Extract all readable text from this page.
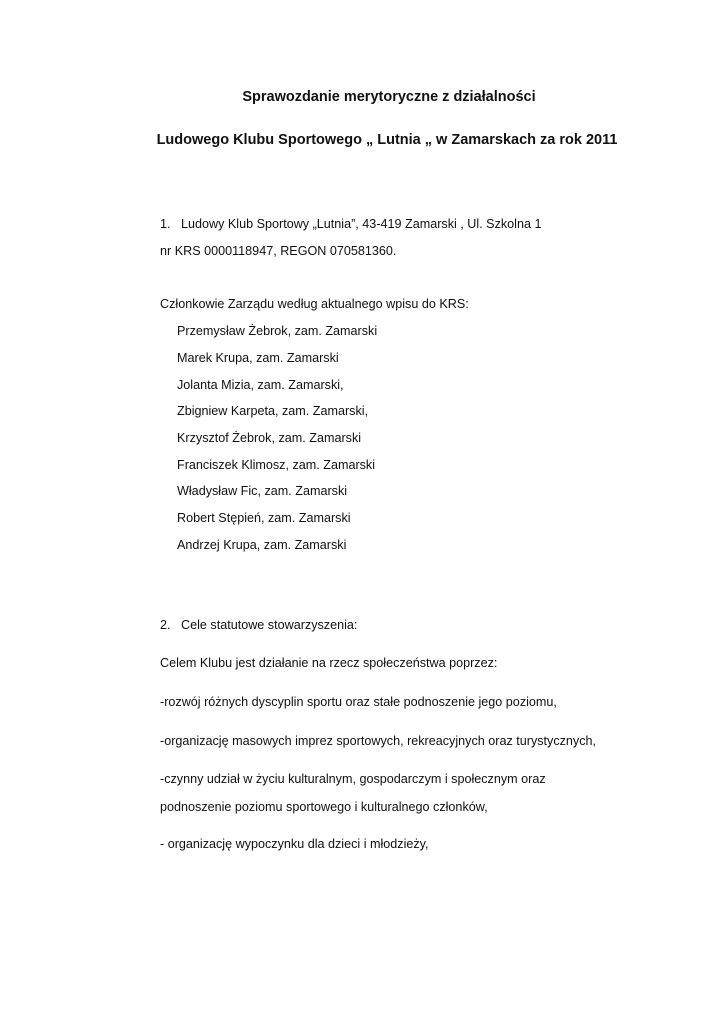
Sprawozdanie merytoryczne z działalności
Ludowego Klubu Sportowego „ Lutnia „ w Zamarskach za rok 2011
1. Ludowy Klub Sportowy „Lutnia”, 43-419 Zamarski , Ul. Szkolna 1
nr KRS 0000118947, REGON 070581360.
Członkowie Zarządu według aktualnego wpisu do KRS:
Przemysław Żebrok, zam. Zamarski
Marek Krupa, zam. Zamarski
Jolanta Mizia, zam. Zamarski,
Zbigniew Karpeta, zam. Zamarski,
Krzysztof Żebrok, zam. Zamarski
Franciszek Klimosz, zam. Zamarski
Władysław Fic, zam. Zamarski
Robert Stępień, zam. Zamarski
Andrzej Krupa, zam. Zamarski
2. Cele statutowe stowarzyszenia:
Celem Klubu jest działanie na rzecz społeczeństwa poprzez:
-rozwój różnych dyscyplin sportu oraz stałe podnoszenie jego poziomu,
-organizację masowych imprez sportowych, rekreacyjnych oraz turystycznych,
-czynny udział w życiu kulturalnym, gospodarczym i społecznym oraz
podnoszenie poziomu sportowego i kulturalnego członków,
- organizację wypoczynku dla dzieci i młodzieży,
